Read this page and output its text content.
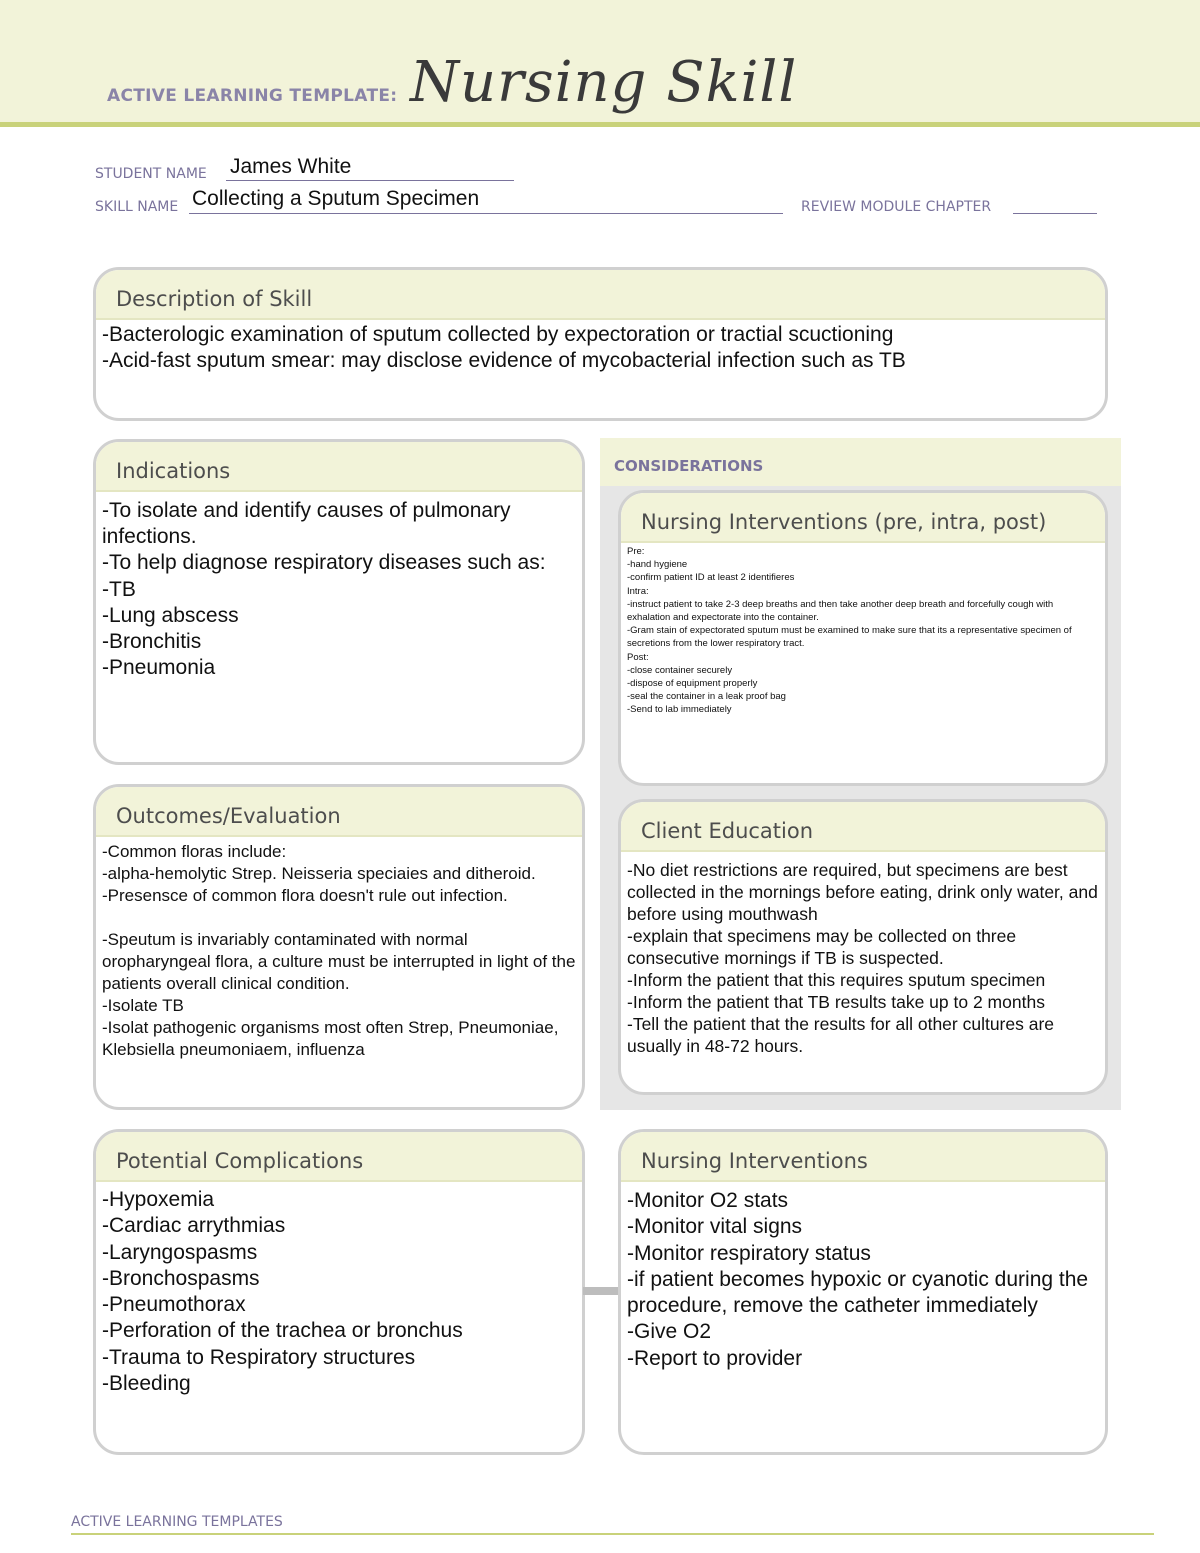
ACTIVE LEARNING TEMPLATE: Nursing Skill
STUDENT NAME James White
SKILL NAME Collecting a Sputum Specimen	REVIEW MODULE CHAPTER
Description of Skill
-Bacterologic examination of sputum collected by expectoration or tractial scuctioning
-Acid-fast sputum smear: may disclose evidence of mycobacterial infection such as TB
CONSIDERATIONS
Indications
-To isolate and identify causes of pulmonary infections.
-To help diagnose respiratory diseases such as:
-TB
-Lung abscess
-Bronchitis
-Pneumonia
Nursing Interventions (pre, intra, post)
Pre:
-hand hygiene
-confirm patient ID at least 2 identifieres
Intra:
-instruct patient to take 2-3 deep breaths and then take another deep breath and forcefully cough with exhalation and expectorate into the container.
-Gram stain of expectorated sputum must be examined to make sure that its a representative specimen of secretions from the lower respiratory tract.
Post:
-close container securely
-dispose of equipment properly
-seal the container in a leak proof bag
-Send to lab immediately
Outcomes/Evaluation
-Common floras include:
-alpha-hemolytic Strep. Neisseria speciaies and ditheroid.
-Presensce of common flora doesn't rule out infection.

-Speutum is invariably contaminated with normal oropharyngeal flora, a culture must be interrupted in light of the patients overall clinical condition.
-Isolate TB
-Isolat pathogenic organisms most often Strep, Pneumoniae, Klebsiella pneumoniaem, influenza
Client Education
-No diet restrictions are required, but specimens are best collected in the mornings before eating, drink only water, and before using mouthwash
-explain that specimens may be collected on three consecutive mornings if TB is suspected.
-Inform the patient that this requires sputum specimen
-Inform the patient that TB results take up to 2 months
-Tell the patient that the results for all other cultures are usually in 48-72 hours.
Potential Complications
-Hypoxemia
-Cardiac arrythmias
-Laryngospasms
-Bronchospasms
-Pneumothorax
-Perforation of the trachea or bronchus
-Trauma to Respiratory structures
-Bleeding
Nursing Interventions
-Monitor O2 stats
-Monitor vital signs
-Monitor respiratory status
-if patient becomes hypoxic or cyanotic during the procedure, remove the catheter immediately
-Give O2
-Report to provider
ACTIVE LEARNING TEMPLATES
